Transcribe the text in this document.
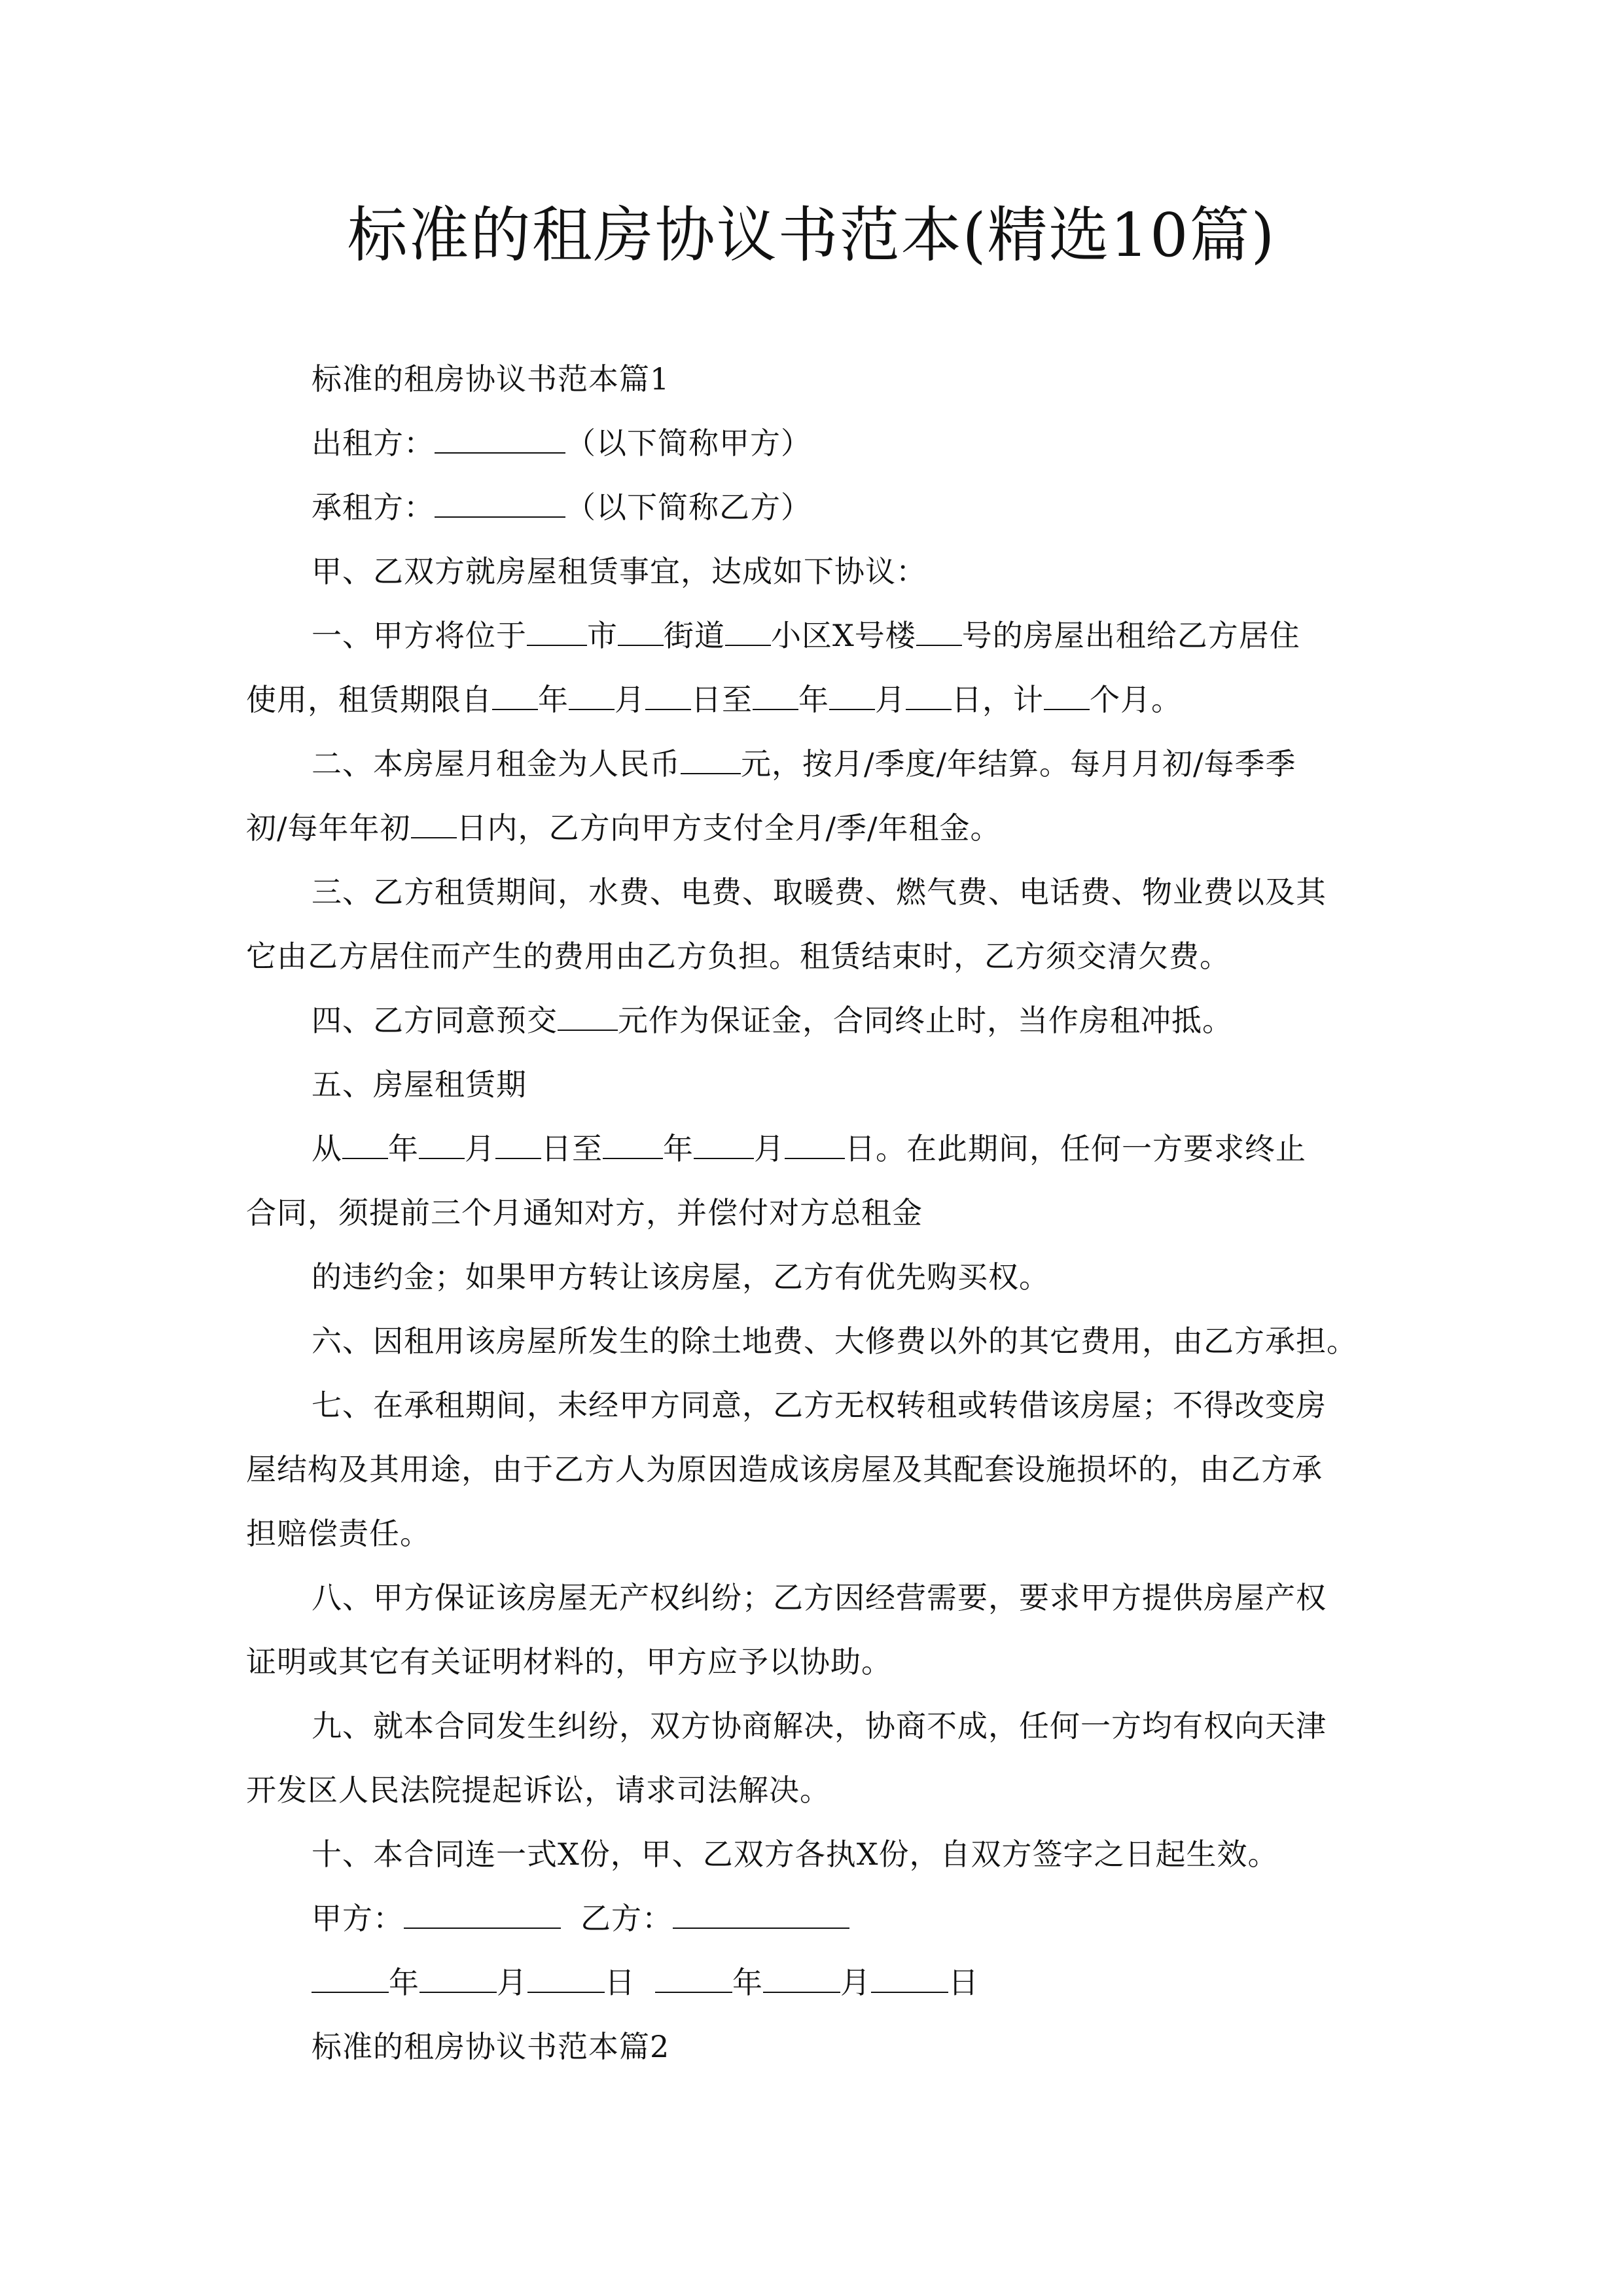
标准的租房协议书范本(精选10篇)
标准的租房协议书范本篇1
出租方：	（以下简称甲方）
承租方：	（以下简称乙方）
甲、乙双方就房屋租赁事宜，达成如下协议：
一、甲方将位于 市 街道 小区X号楼 号的房屋出租给乙方居住
使用，租赁期限自 年 月 日至 年 月 日，计 个月。
二、本房屋月租金为人民币 元，按月/季度/年结算。每月月初/每季季
初/每年年初 日内，乙方向甲方支付全月/季/年租金。
三、乙方租赁期间，水费、电费、取暖费、燃气费、电话费、物业费以及其
它由乙方居住而产生的费用由乙方负担。租赁结束时，乙方须交清欠费。
四、乙方同意预交 元作为保证金，合同终止时，当作房租冲抵。
五、房屋租赁期
从 年 月 日至 年 月 日。在此期间，任何一方要求终止
合同，须提前三个月通知对方，并偿付对方总租金
的违约金；如果甲方转让该房屋，乙方有优先购买权。
六、因租用该房屋所发生的除土地费、大修费以外的其它费用，由乙方承担。
七、在承租期间，未经甲方同意，乙方无权转租或转借该房屋；不得改变房
屋结构及其用途，由于乙方人为原因造成该房屋及其配套设施损坏的，由乙方承
担赔偿责任。
八、甲方保证该房屋无产权纠纷；乙方因经营需要，要求甲方提供房屋产权
证明或其它有关证明材料的，甲方应予以协助。
九、就本合同发生纠纷，双方协商解决，协商不成，任何一方均有权向天津
开发区人民法院提起诉讼，请求司法解决。
十、本合同连一式X份，甲、乙双方各执X份，自双方签字之日起生效。
甲方：	乙方：
年	月	日	年	月	日
标准的租房协议书范本篇2
